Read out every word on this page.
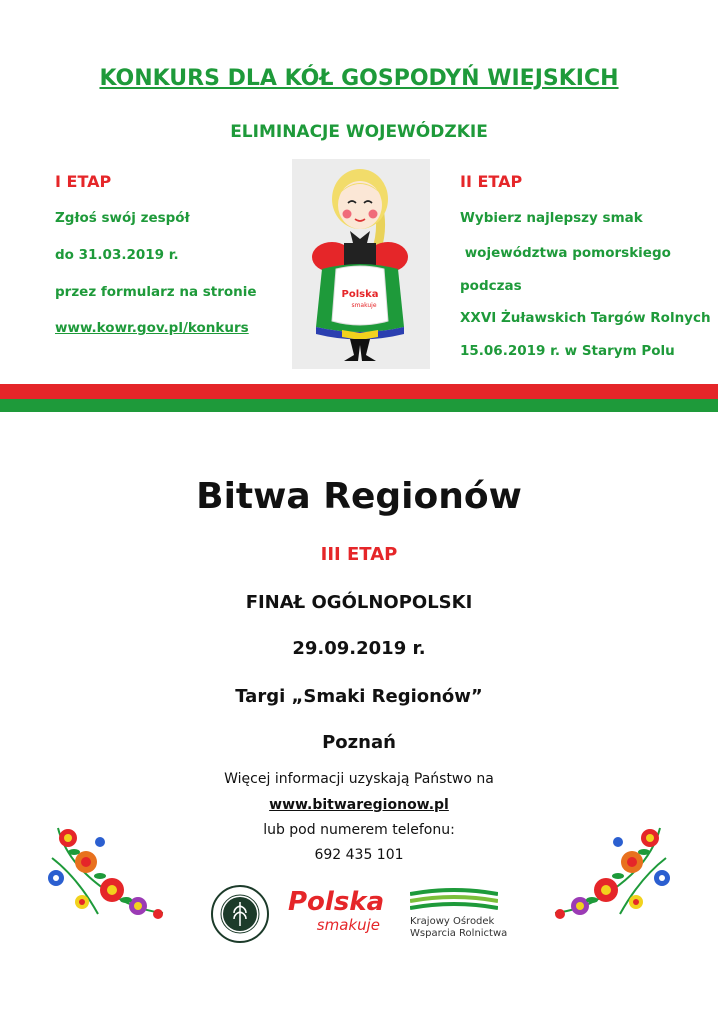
KONKURS DLA KÓŁ GOSPODYŃ WIEJSKICH
ELIMINACJE WOJEWÓDZKIE
I ETAP
Zgłoś swój zespół
do 31.03.2019 r.
przez formularz na stronie
www.kowr.gov.pl/konkurs
II ETAP
Wybierz najlepszy smak
województwa pomorskiego
podczas
XXVI Żuławskich Targów Rolnych
15.06.2019 r. w Starym Polu
Polska
smakuje
Bitwa Regionów
III ETAP
FINAŁ OGÓLNOPOLSKI
29.09.2019 r.
Targi „Smaki Regionów”
Poznań
Więcej informacji uzyskają Państwo na
www.bitwaregionow.pl
lub pod numerem telefonu:
692 435 101
Polska
smakuje	Krajowy Ośrodek
Wsparcia Rolnictwa
